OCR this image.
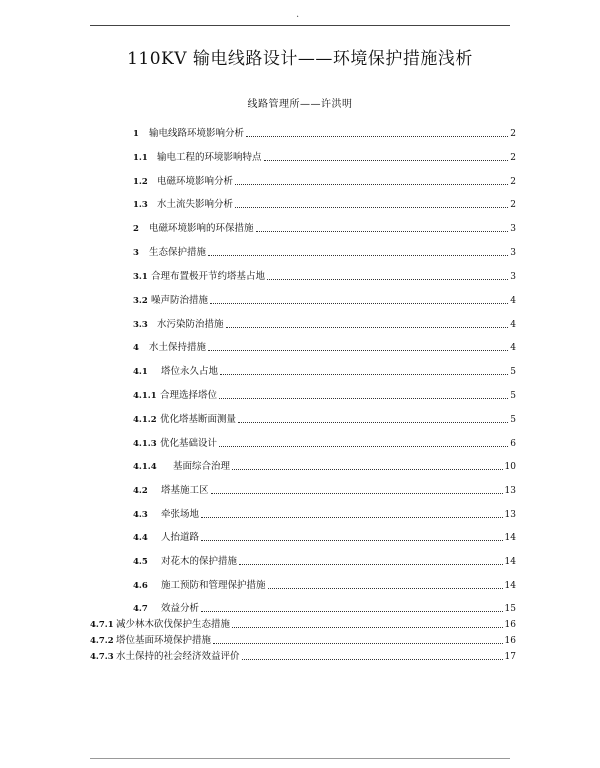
.
110KV 输电线路设计——环境保护措施浅析
线路管理所——许洪明
1	输电线路环境影响分析	2
1.1 输电工程的环境影响特点	2
1.2 电磁环境影响分析	2
1.3 水土流失影响分析	2
2	电磁环境影响的环保措施	3
3	生态保护措施	3
3.1 合理布置极开节约塔基占地	3
3.2 噪声防治措施	4
3.3 水污染防治措施	4
4	水土保持措施	4
4.1	塔位永久占地	5
4.1.1 合理选择塔位	5
4.1.2 优化塔基断面测量	5
4.1.3 优化基础设计	6
4.1.4	基面综合治理	10
4.2	塔基施工区	13
4.3	牵张场地	13
4.4	人抬道路	14
4.5	对花木的保护措施	14
4.6	施工预防和管理保护措施	14
4.7	效益分析	15
4.7.1 减少林木砍伐保护生态措施	16
4.7.2 塔位基面环境保护措施	16
4.7.3 水土保持的社会经济效益评价	17
